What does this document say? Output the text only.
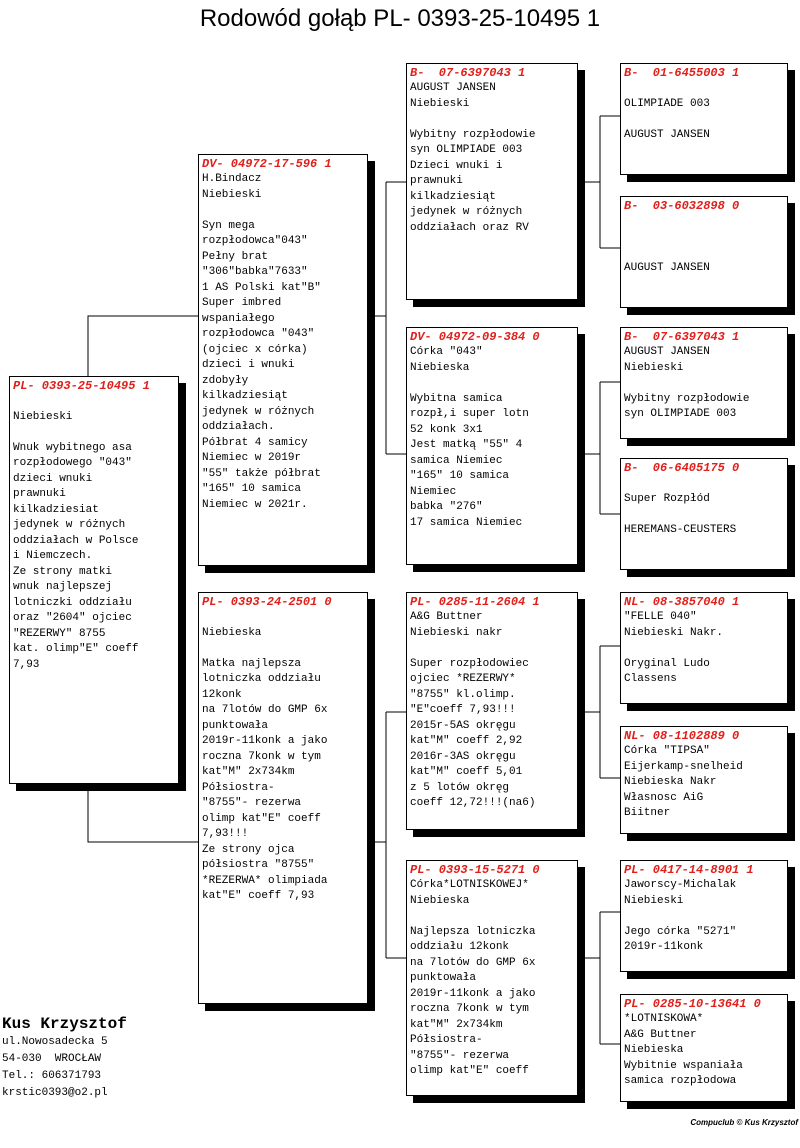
Rodowód gołąb PL- 0393-25-10495 1
PL- 0393-25-10495 1
Niebieski
Wnuk wybitnego asa
rozpłodowego "043"
dzieci wnuki
prawnuki
kilkadziesiat
jedynek w różnych
oddziałach w Polsce
i Niemczech.
Ze strony matki
wnuk najlepszej
lotniczki oddziału
oraz "2604" ojciec
"REZERWY" 8755
kat. olimp"E" coeff
7,93
DV- 04972-17-596 1
H.Bindacz
Niebieski
Syn mega
rozpłodowca"043"
Pełny brat
"306"babka"7633"
1 AS Polski kat"B"
Super imbred
wspaniałego
rozpłodowca "043"
(ojciec x córka)
dzieci i wnuki
zdobyły
kilkadziesiąt
jedynek w różnych
oddziałach.
Półbrat 4 samicy
Niemiec w 2019r
"55" także półbrat
"165" 10 samica
Niemiec w 2021r.
PL- 0393-24-2501 0
Niebieska
Matka najlepsza
lotniczka oddziału
12konk
na 7lotów do GMP 6x
punktowała
2019r-11konk a jako
roczna 7konk w tym
kat"M" 2x734km
Półsiostra-
"8755"- rezerwa
olimp kat"E" coeff
7,93!!!
Ze strony ojca
półsiostra "8755"
*REZERWA* olimpiada
kat"E" coeff 7,93
B-  07-6397043 1
AUGUST JANSEN
Niebieski
Wybitny rozpłodowie
syn OLIMPIADE 003
Dzieci wnuki i
prawnuki
kilkadziesiąt
jedynek w różnych
oddziałach oraz RV
DV- 04972-09-384 0
Córka "043"
Niebieska
Wybitna samica
rozpł,i super lotn
52 konk 3x1
Jest matką "55" 4
samica Niemiec
"165" 10 samica
Niemiec
babka "276"
17 samica Niemiec
PL- 0285-11-2604 1
A&G Buttner
Niebieski nakr
Super rozpłodowiec
ojciec *REZERWY*
"8755" kl.olimp.
"E"coeff 7,93!!!
2015r-5AS okręgu
kat"M" coeff 2,92
2016r-3AS okręgu
kat"M" coeff 5,01
z 5 lotów okręg
coeff 12,72!!!(na6)
PL- 0393-15-5271 0
Córka*LOTNISKOWEJ*
Niebieska
Najlepsza lotniczka
oddziału 12konk
na 7lotów do GMP 6x
punktowała
2019r-11konk a jako
roczna 7konk w tym
kat"M" 2x734km
Półsiostra-
"8755"- rezerwa
olimp kat"E" coeff
B-  01-6455003 1
OLIMPIADE 003
AUGUST JANSEN
B-  03-6032898 0
AUGUST JANSEN
B-  07-6397043 1
AUGUST JANSEN
Niebieski
Wybitny rozpłodowie
syn OLIMPIADE 003
B-  06-6405175 0
Super Rozpłód
HEREMANS-CEUSTERS
NL- 08-3857040 1
"FELLE 040"
Niebieski Nakr.
Oryginal Ludo
Classens
NL- 08-1102889 0
Córka "TIPSA"
Eijerkamp-snelheid
Niebieska Nakr
Własnosc AiG
Biitner
PL- 0417-14-8901 1
Jaworscy-Michalak
Niebieski
Jego córka "5271"
2019r-11konk
PL- 0285-10-13641 0
*LOTNISKOWA*
A&G Buttner
Niebieska
Wybitnie wspaniała
samica rozpłodowa
Kus Krzysztof
ul.Nowosadecka 5
54-030  WROCŁAW
Tel.: 606371793
krstic0393@o2.pl
Compuclub © Kus Krzysztof
